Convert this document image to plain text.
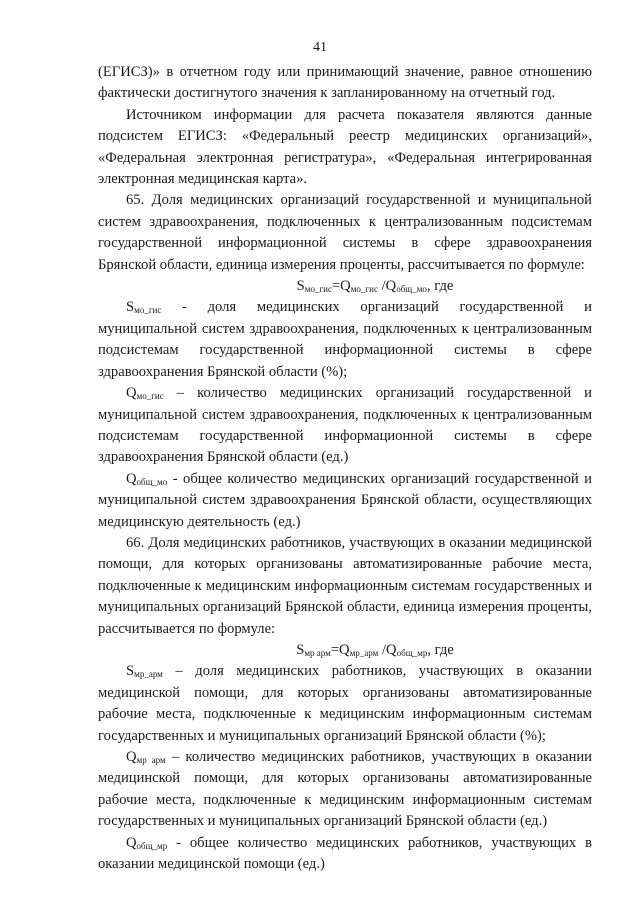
41

(ЕГИСЗ)» в отчетном году или принимающий значение, равное отношению фактически достигнутого значения к запланированному на отчетный год.

Источником информации для расчета показателя являются данные подсистем ЕГИСЗ: «Федеральный реестр медицинских организаций», «Федеральная электронная регистратура», «Федеральная интегрированная электронная медицинская карта».

65. Доля медицинских организаций государственной и муниципальной систем здравоохранения, подключенных к централизованным подсистемам государственной информационной системы в сфере здравоохранения Брянской области, единица измерения проценты, рассчитывается по формуле:

$S_{мо\_гис}=Q_{мо\_гис}$ $/Q_{общ\_мо}$, где

$S_{мо\_гис}$ - доля медицинских организаций государственной и муниципальной систем здравоохранения, подключенных к централизованным подсистемам государственной информационной системы в сфере здравоохранения Брянской области (%);

$Q_{мо\_гис}$ – количество медицинских организаций государственной и муниципальной систем здравоохранения, подключенных к централизованным подсистемам государственной информационной системы в сфере здравоохранения Брянской области (ед.)

$Q_{общ\_мо}$ - общее количество медицинских организаций государственной и муниципальной систем здравоохранения Брянской области, осуществляющих медицинскую деятельность (ед.)

66. Доля медицинских работников, участвующих в оказании медицинской помощи, для которых организованы автоматизированные рабочие места, подключенные к медицинским информационным системам государственных и муниципальных организаций Брянской области, единица измерения проценты, рассчитывается по формуле:

$S_{мр арм}=Q_{мр\_арм}$ $/Q_{общ\_мр}$, где

$S_{мр\_арм}$ – доля медицинских работников, участвующих в оказании медицинской помощи, для которых организованы автоматизированные рабочие места, подключенные к медицинским информационным системам государственных и муниципальных организаций Брянской области (%);

$Q_{мр арм}$ – количество медицинских работников, участвующих в оказании медицинской помощи, для которых организованы автоматизированные рабочие места, подключенные к медицинским информационным системам государственных и муниципальных организаций Брянской области (ед.)

$Q_{общ\_мр}$ - общее количество медицинских работников, участвующих в оказании медицинской помощи (ед.)
